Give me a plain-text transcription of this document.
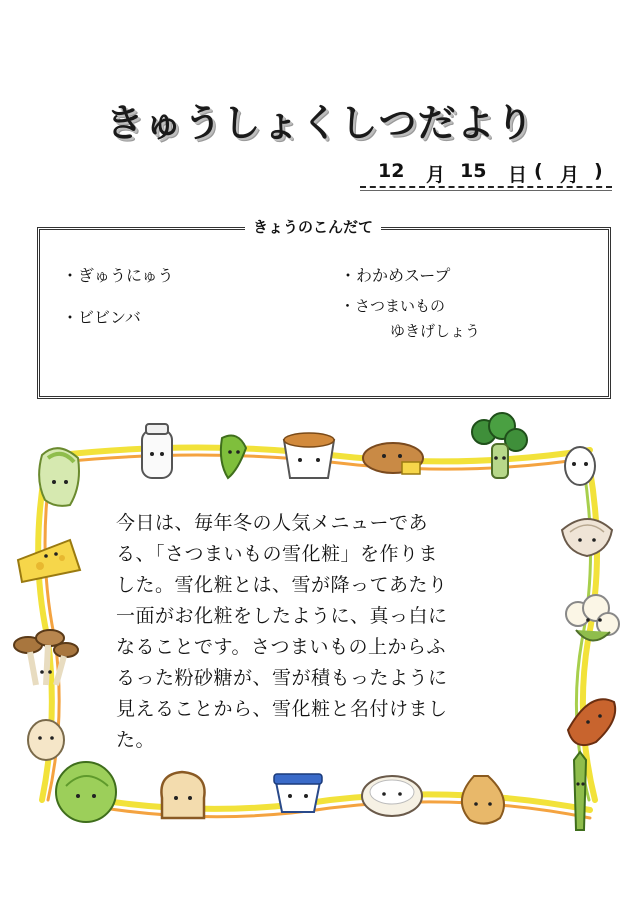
きゅうしょくしつだより
12 月 15 日 ( 月 )
きょうのこんだて
・ぎゅうにゅう
・ビビンバ
・わかめスープ
・さつまいもの
ゆきげしょう
今日は、毎年冬の人気メニューであ
る、「さつまいもの雪化粧」を作りま
した。雪化粧とは、雪が降ってあたり
一面がお化粧をしたように、真っ白に
なることです。さつまいもの上からふ
るった粉砂糖が、雪が積もったように
見えることから、雪化粧と名付けまし
た。
